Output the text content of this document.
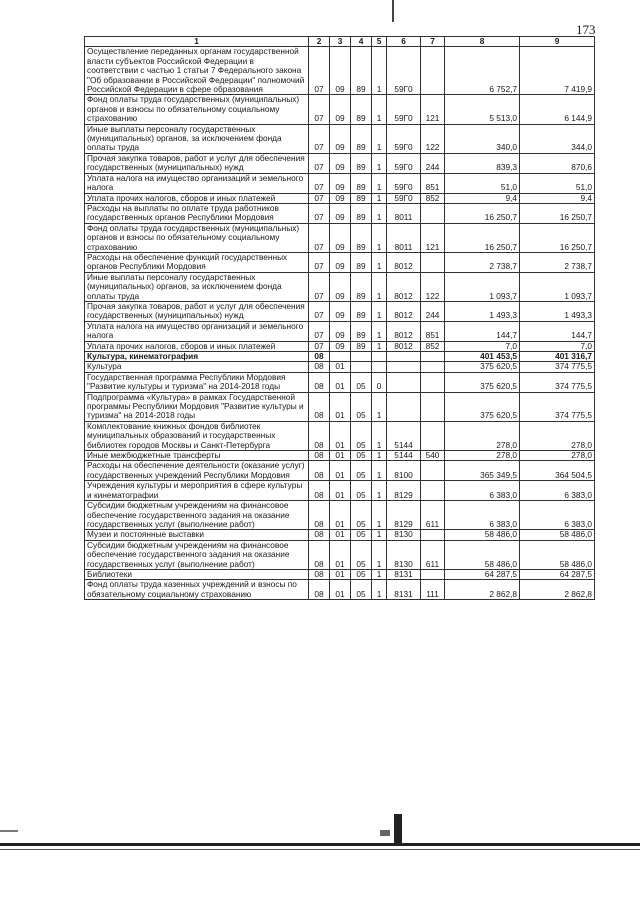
173
1	2	3	4	5	6	7	8	9
Осуществление переданных органам государственной власти субъектов Российской Федерации в соответствии с частью 1 статьи 7 Федерального закона "Об образовании в Российской Федерации" полномочий Российской Федерации в сфере образования	07	09	89	1	59Г0		6 752,7	7 419,9
Фонд оплаты труда государственных (муниципальных) органов и взносы по обязательному социальному страхованию	07	09	89	1	59Г0	121	5 513,0	6 144,9
Иные выплаты персоналу государственных (муниципальных) органов, за исключением фонда оплаты труда	07	09	89	1	59Г0	122	340,0	344,0
Прочая закупка товаров, работ и услуг для обеспечения государственных (муниципальных) нужд	07	09	89	1	59Г0	244	839,3	870,6
Уплата налога на имущество организаций и земельного налога	07	09	89	1	59Г0	851	51,0	51,0
Уплата прочих налогов, сборов и иных платежей	07	09	89	1	59Г0	852	9,4	9,4
Расходы на выплаты по оплате труда работников государственных органов Республики Мордовия	07	09	89	1	8011		16 250,7	16 250,7
Фонд оплаты труда государственных (муниципальных) органов и взносы по обязательному социальному страхованию	07	09	89	1	8011	121	16 250,7	16 250,7
Расходы на обеспечение функций государственных органов Республики Мордовия	07	09	89	1	8012		2 738,7	2 738,7
Иные выплаты персоналу государственных (муниципальных) органов, за исключением фонда оплаты труда	07	09	89	1	8012	122	1 093,7	1 093,7
Прочая закупка товаров, работ и услуг для обеспечения государственных (муниципальных) нужд	07	09	89	1	8012	244	1 493,3	1 493,3
Уплата налога на имущество организаций и земельного налога	07	09	89	1	8012	851	144,7	144,7
Уплата прочих налогов, сборов и иных платежей	07	09	89	1	8012	852	7,0	7,0
Культура, кинематография	08						401 453,5	401 316,7
Культура	08	01					375 620,5	374 775,5
Государственная программа Республики Мордовия "Развитие культуры и туризма" на 2014-2018 годы	08	01	05	0			375 620,5	374 775,5
Подпрограмма «Культура» в рамках Государственной программы Республики Мордовия "Развитие культуры и туризма" на 2014-2018 годы	08	01	05	1			375 620,5	374 775,5
Комплектование книжных фондов библиотек муниципальных образований и государственных библиотек городов Москвы и Санкт-Петербурга	08	01	05	1	5144		278,0	278,0
Иные межбюджетные трансферты	08	01	05	1	5144	540	278,0	278,0
Расходы на обеспечение деятельности (оказание услуг) государственных учреждений Республики Мордовия	08	01	05	1	8100		365 349,5	364 504,5
Учреждения культуры и мероприятия в сфере культуры и кинематографии	08	01	05	1	8129		6 383,0	6 383,0
Субсидии бюджетным учреждениям на финансовое обеспечение государственного задания на оказание государственных услуг (выполнение работ)	08	01	05	1	8129	611	6 383,0	6 383,0
Музеи и постоянные выставки	08	01	05	1	8130		58 486,0	58 486,0
Субсидии бюджетным учреждениям на финансовое обеспечение государственного задания на оказание государственных услуг (выполнение работ)	08	01	05	1	8130	611	58 486,0	58 486,0
Библиотеки	08	01	05	1	8131		64 287,5	64 287,5
Фонд оплаты труда казенных учреждений и взносы по обязательному социальному страхованию	08	01	05	1	8131	111	2 862,8	2 862,8
